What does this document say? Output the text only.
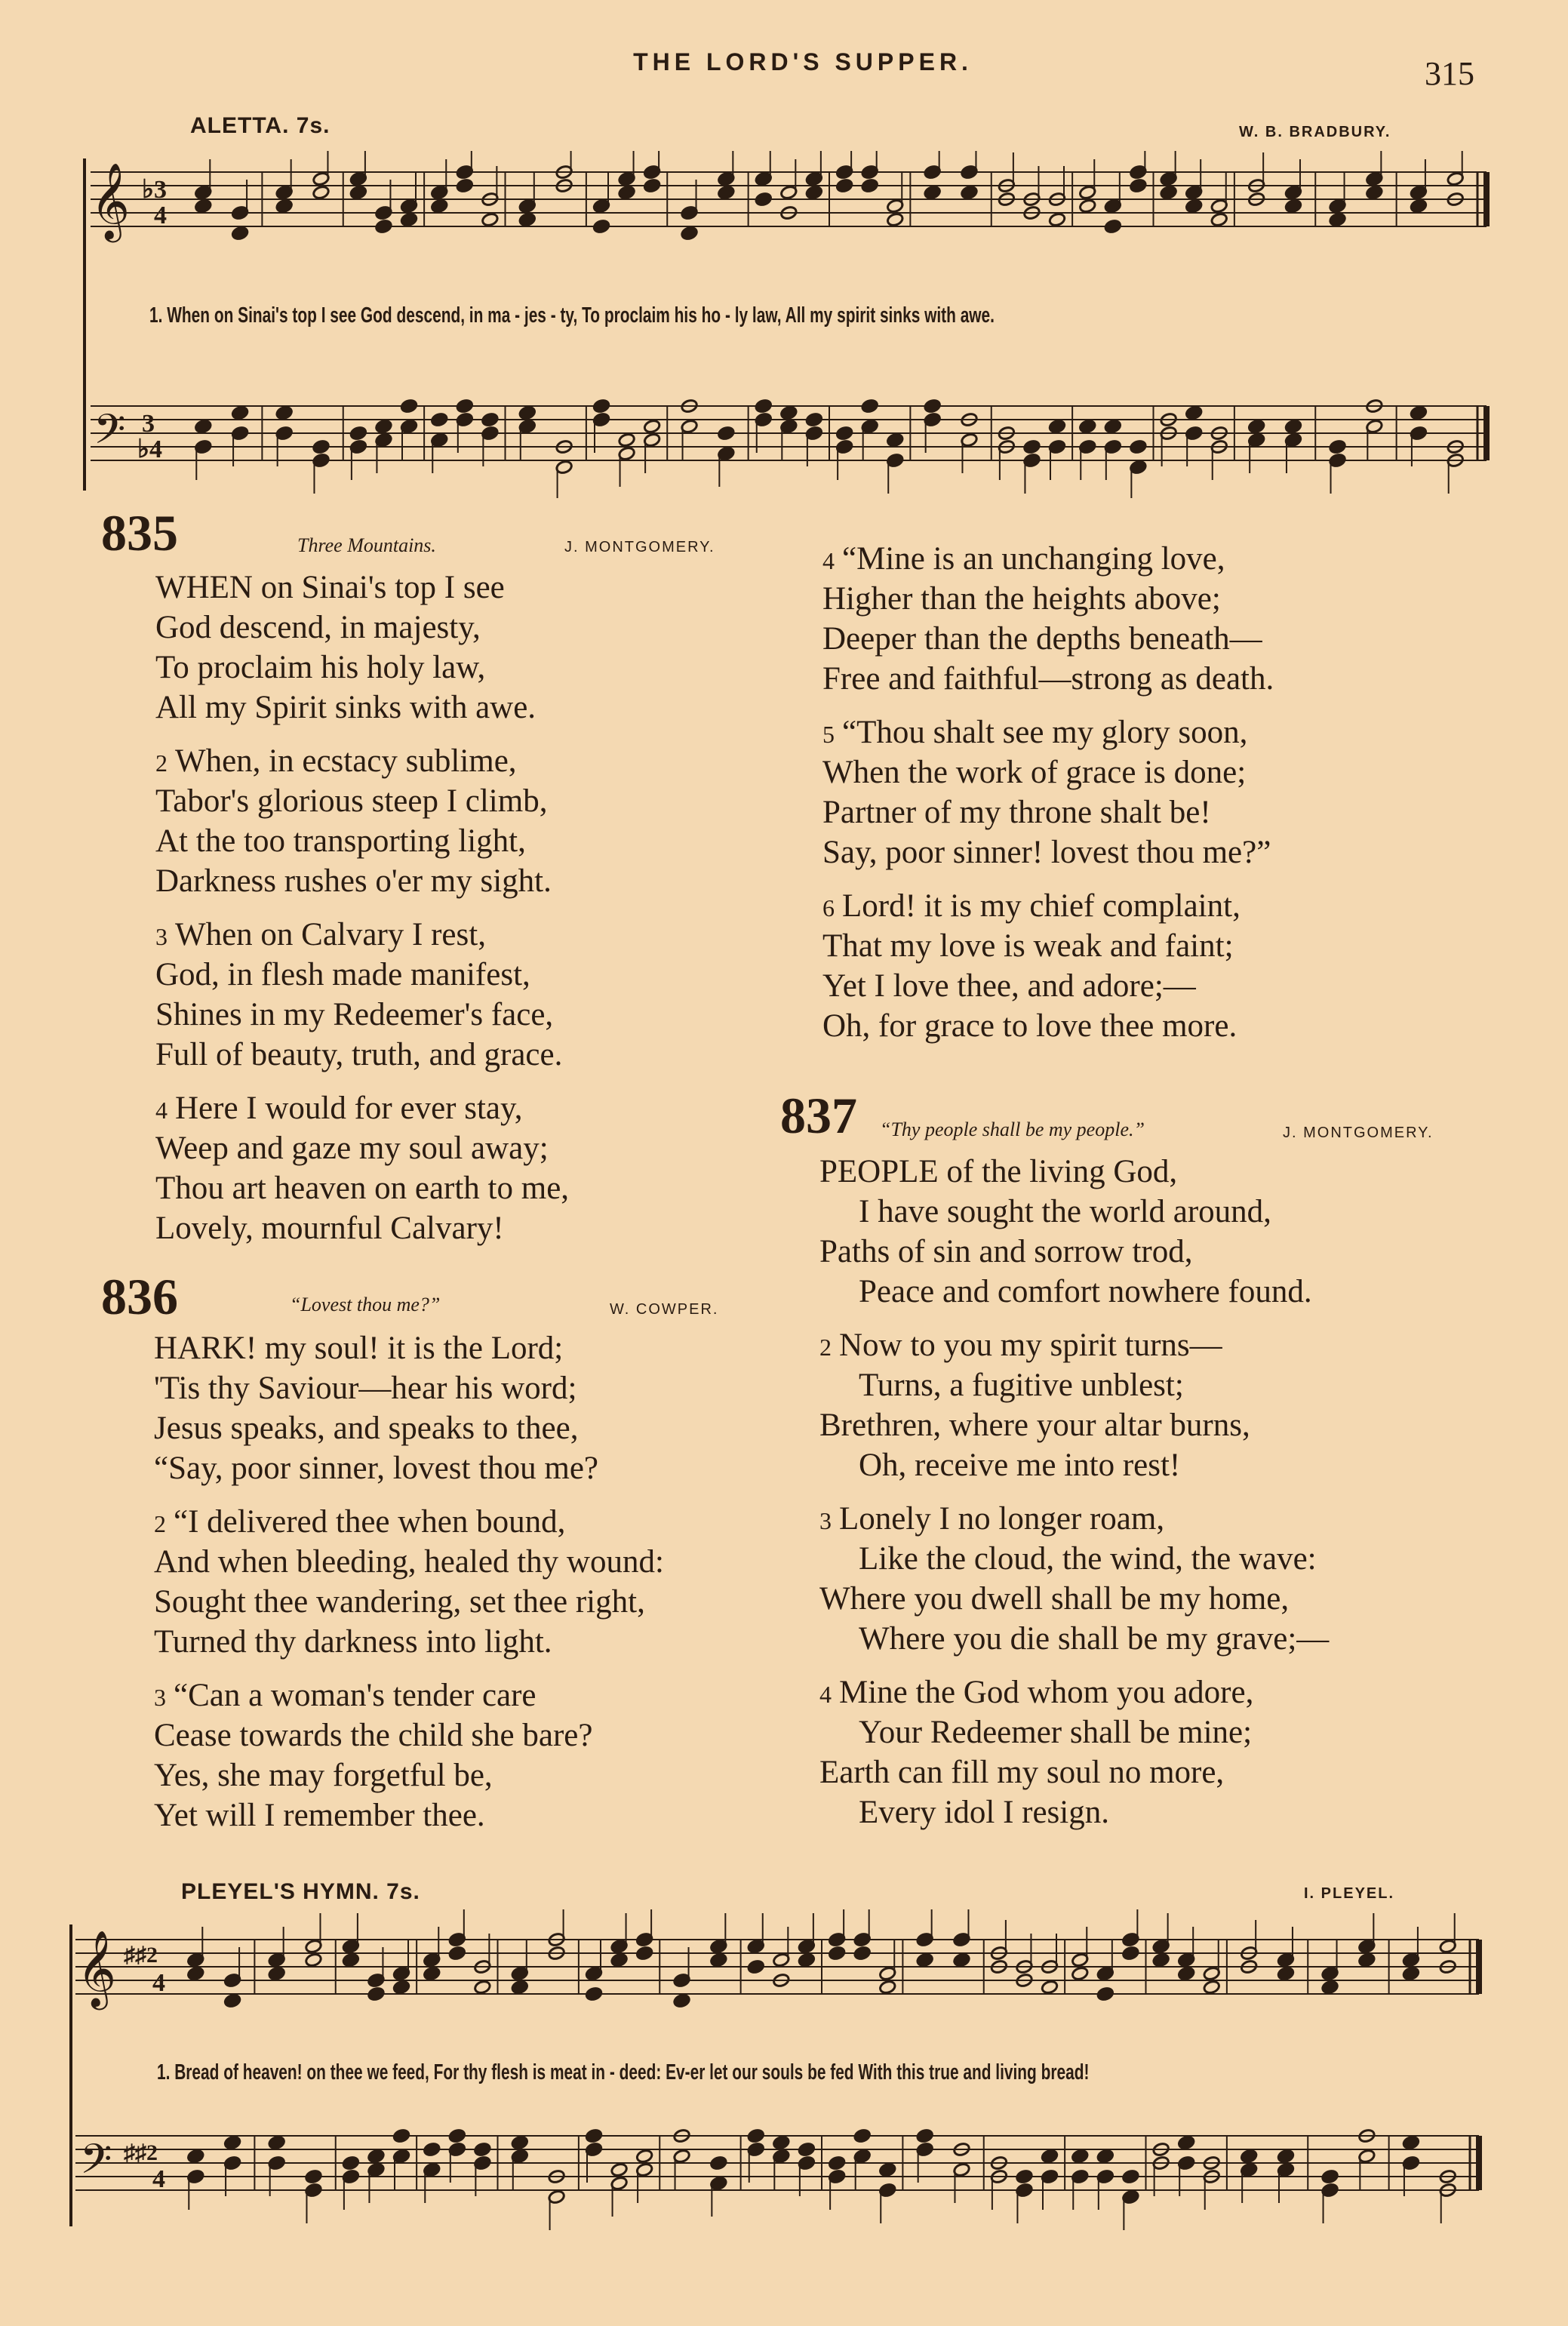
THE LORD'S SUPPER.	315
ALETTA. 7s.	W. B. BRADBURY.
𝄞
𝄢
♭3
4
3
♭4
1. When on Sinai's top I see God descend, in ma - jes - ty, To proclaim his ho - ly law, All my spirit sinks with awe.
835	Three Mountains.	J. MONTGOMERY.
WHEN on Sinai's top I see
God descend, in majesty,
To proclaim his holy law,
All my Spirit sinks with awe.
2 When, in ecstacy sublime,
Tabor's glorious steep I climb,
At the too transporting light,
Darkness rushes o'er my sight.
3 When on Calvary I rest,
God, in flesh made manifest,
Shines in my Redeemer's face,
Full of beauty, truth, and grace.
4 Here I would for ever stay,
Weep and gaze my soul away;
Thou art heaven on earth to me,
Lovely, mournful Calvary!
836	“Lovest thou me?”	W. COWPER.
HARK! my soul! it is the Lord;
'Tis thy Saviour—hear his word;
Jesus speaks, and speaks to thee,
“Say, poor sinner, lovest thou me?
2 “I delivered thee when bound,
And when bleeding, healed thy wound:
Sought thee wandering, set thee right,
Turned thy darkness into light.
3 “Can a woman's tender care
Cease towards the child she bare?
Yes, she may forgetful be,
Yet will I remember thee.
4 “Mine is an unchanging love,
Higher than the heights above;
Deeper than the depths beneath—
Free and faithful—strong as death.
5 “Thou shalt see my glory soon,
When the work of grace is done;
Partner of my throne shalt be!
Say, poor sinner! lovest thou me?”
6 Lord! it is my chief complaint,
That my love is weak and faint;
Yet I love thee, and adore;—
Oh, for grace to love thee more.
837 “Thy people shall be my people.”	J. MONTGOMERY.
PEOPLE of the living God,
I have sought the world around,
Paths of sin and sorrow trod,
Peace and comfort nowhere found.
2 Now to you my spirit turns—
Turns, a fugitive unblest;
Brethren, where your altar burns,
Oh, receive me into rest!
3 Lonely I no longer roam,
Like the cloud, the wind, the wave:
Where you dwell shall be my home,
Where you die shall be my grave;—
4 Mine the God whom you adore,
Your Redeemer shall be mine;
Earth can fill my soul no more,
Every idol I resign.
PLEYEL'S HYMN. 7s.	I. PLEYEL.
𝄞
𝄢
♯♯2
4
♯♯2
4
1. Bread of heaven! on thee we feed, For thy flesh is meat in - deed: Ev-er let our souls be fed With this true and living bread!
